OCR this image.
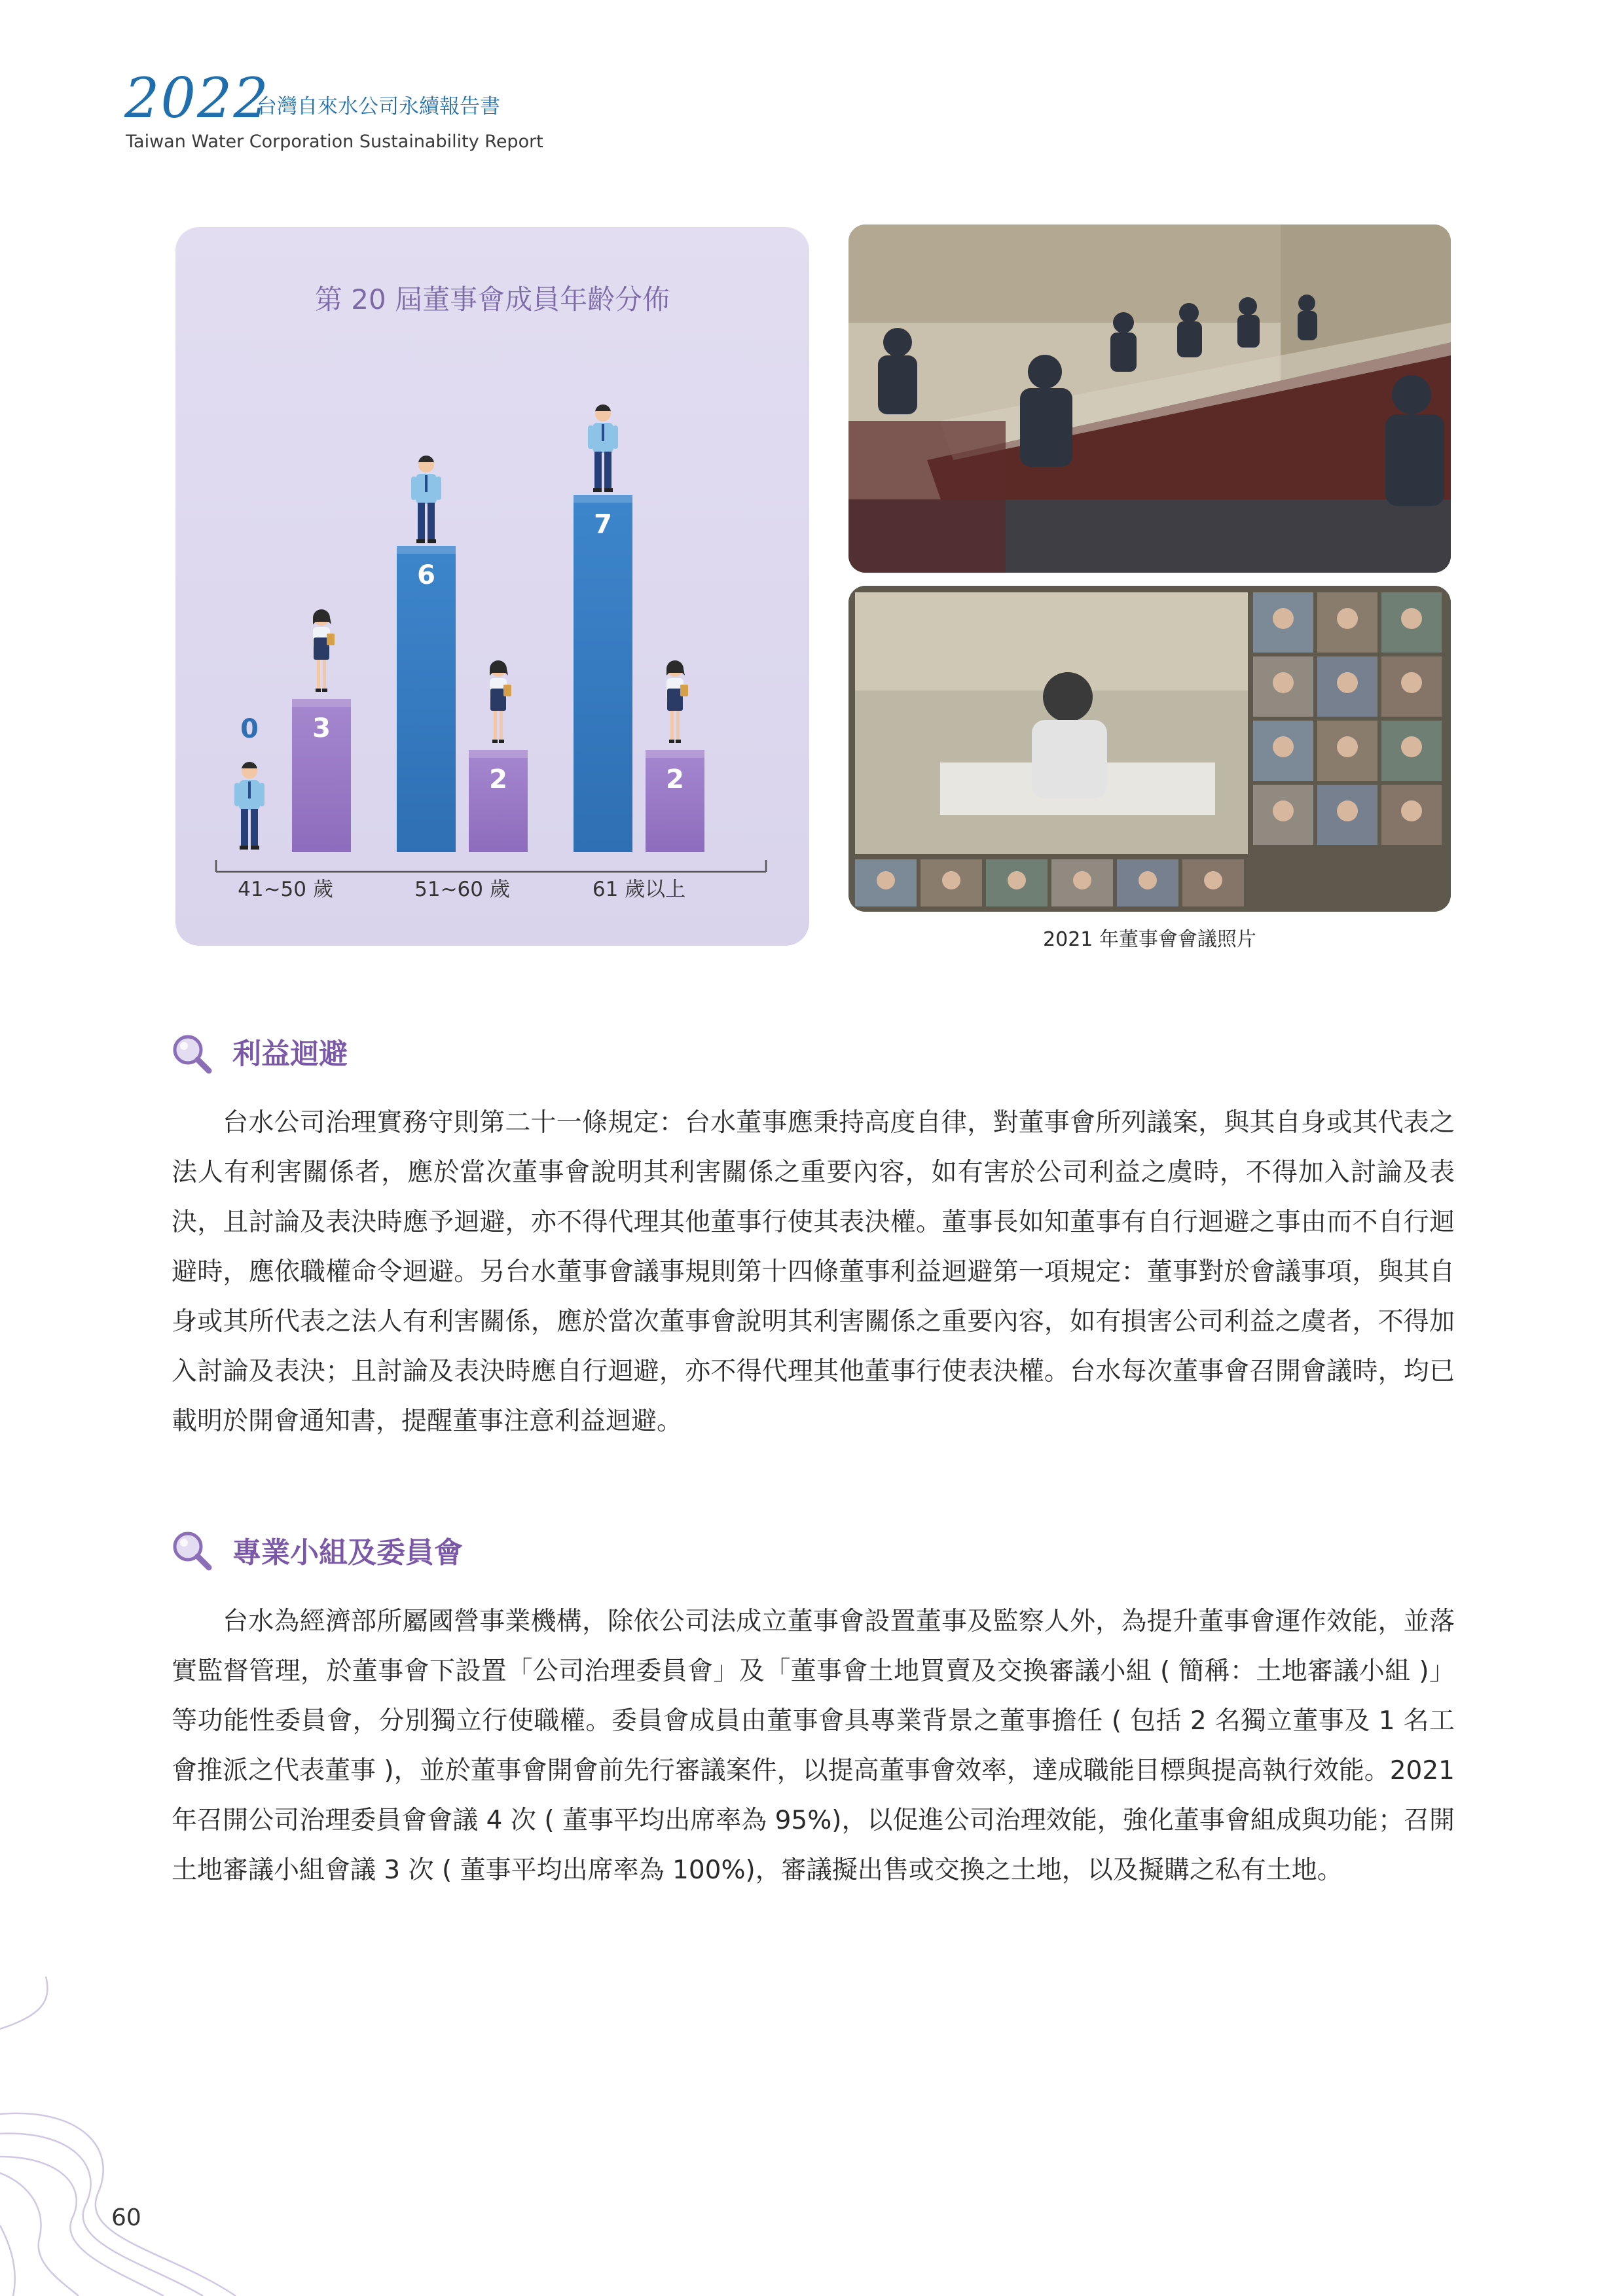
2022
台灣自來水公司永續報告書
Taiwan Water Corporation Sustainability Report
第 20 屆董事會成員年齡分佈
0 3
6
2
7
2
41~50 歲	51~60 歲	61 歲以上
2021 年董事會會議照片
利益迴避

台水公司治理實務守則第二十一條規定：台水董事應秉持高度自律，對董事會所列議案，與其自身或其代表之法人有利害關係者，應於當次董事會說明其利害關係之重要內容，如有害於公司利益之虞時，不得加入討論及表決，且討論及表決時應予迴避，亦不得代理其他董事行使其表決權。董事長如知董事有自行迴避之事由而不自行迴避時，應依職權命令迴避。另台水董事會議事規則第十四條董事利益迴避第一項規定：董事對於會議事項，與其自身或其所代表之法人有利害關係，應於當次董事會說明其利害關係之重要內容，如有損害公司利益之虞者，不得加入討論及表決；且討論及表決時應自行迴避，亦不得代理其他董事行使表決權。台水每次董事會召開會議時，均已載明於開會通知書，提醒董事注意利益迴避。

專業小組及委員會

台水為經濟部所屬國營事業機構，除依公司法成立董事會設置董事及監察人外，為提升董事會運作效能，並落實監督管理，於董事會下設置「公司治理委員會」及「董事會土地買賣及交換審議小組 ( 簡稱：土地審議小組 )」等功能性委員會，分別獨立行使職權。委員會成員由董事會具專業背景之董事擔任 ( 包括 2 名獨立董事及 1 名工會推派之代表董事 )，並於董事會開會前先行審議案件，以提高董事會效率，達成職能目標與提高執行效能。2021 年召開公司治理委員會會議 4 次 ( 董事平均出席率為 95%)，以促進公司治理效能，強化董事會組成與功能；召開土地審議小組會議 3 次 ( 董事平均出席率為 100%)，審議擬出售或交換之土地，以及擬購之私有土地。

60
